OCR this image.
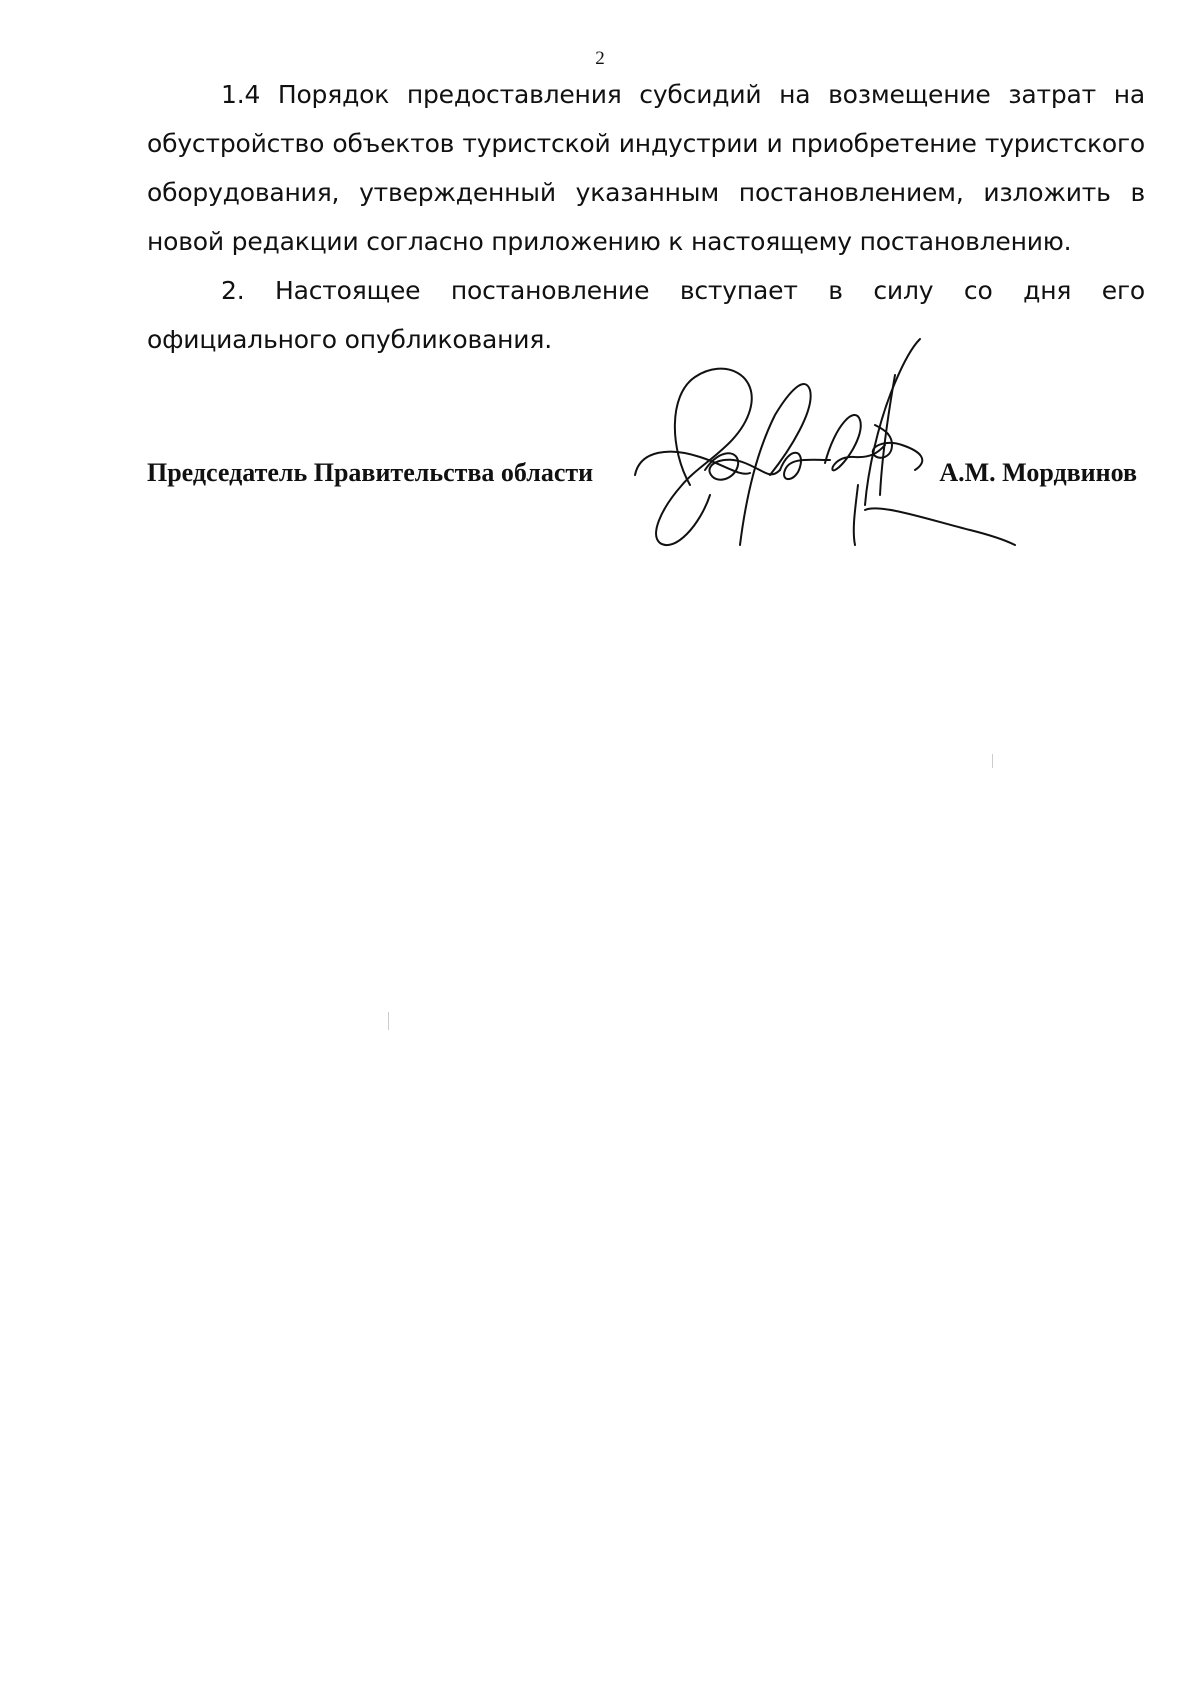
2

1.4 Порядок предоставления субсидий на возмещение затрат на обустройство объектов туристской индустрии и приобретение туристского оборудования, утвержденный указанным постановлением, изложить в новой редакции согласно приложению к настоящему постановлению.

2. Настоящее постановление вступает в силу со дня его официального опубликования.

Председатель Правительства области	А.М. Мордвинов
